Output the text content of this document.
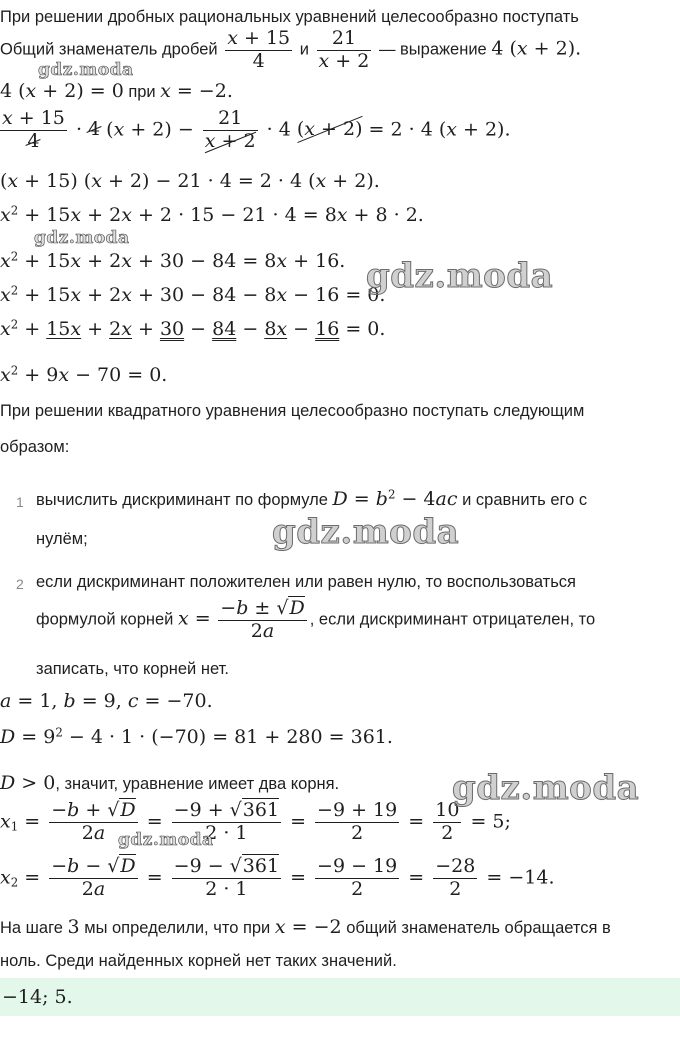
При решении дробных рациональных уравнений целесообразно поступать
Общий знаменатель дробей $\frac{x + 15}{4}$ и $\frac{21}{x + 2}$ — выражение 4 (x + 2).
4 (x + 2) = 0 при x = −2.
$\frac{x + 15}{4} \cdot 4$ $(x + 2) - \frac{21}{x + 2} \cdot 4$ (x + 2) = 2 · 4 (x + 2).
(x + 15) (x + 2) − 21 · 4 = 2 · 4 (x + 2).
$x^2 + 15x + 2x + 2 \cdot 15 - 21 \cdot 4 = 8x + 8 \cdot 2$.
$x^2 + 15x + 2x + 30 - 84 = 8x + 16$.
$x^2 + 15x + 2x + 30 - 84 - 8x - 16 = 0$.
$x^2 + 15x + 2x + 30 - 84 - 8x - 16 = 0$.
$x^2 + 9x - 70 = 0$.
При решении квадратного уравнения целесообразно поступать следующим
образом:
1 вычислить дискриминант по формуле $D = b^2 - 4ac$ и сравнить его с
нулём;
2 если дискриминант положителен или равен нулю, то воспользоваться
формулой корней $x = \frac{-b \pm √D}{2a}$ , если дискриминант отрицателен, то
записать, что корней нет.
a = 1, b = 9, c = −70.
$D = 9^2 - 4 \cdot 1 \cdot (-70) = 81 + 280 = 361$.
D > 0, значит, уравнение имеет два корня.
$x_1 = \frac{-b + √D}{2a} = \frac{-9 + √361}{2 \cdot 1} = \frac{-9 + 19}{2} = \frac{10}{2} = 5$;
$x_2 = \frac{-b - √D}{2a} = \frac{-9 - √361}{2 \cdot 1} = \frac{-9 - 19}{2} = \frac{-28}{2} = -14$.
На шаге 3 мы определили, что при x = −2 общий знаменатель обращается в
ноль. Среди найденных корней нет таких значений.
−14; 5.
gdz.moda
gdz.moda
gdz.moda
gdz.moda
gdz.moda
gdz.moda
